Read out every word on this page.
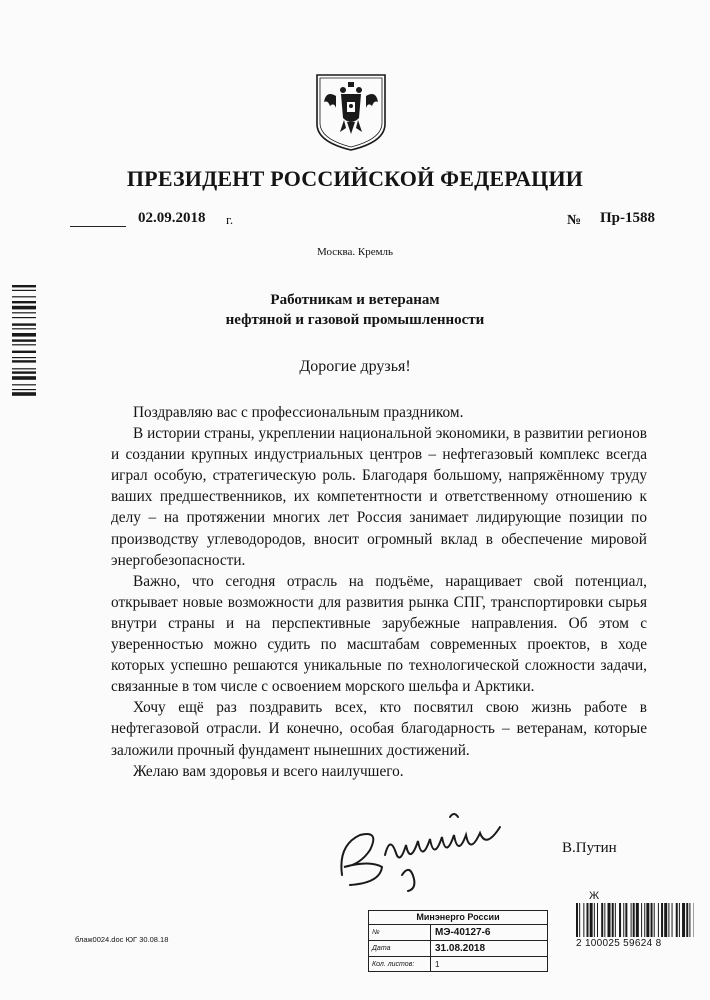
ПРЕЗИДЕНТ РОССИЙСКОЙ ФЕДЕРАЦИИ
02.09.2018 г.	№ Пр-1588
Москва. Кремль
Работникам и ветеранам
нефтяной и газовой промышленности
Дорогие друзья!

Поздравляю вас с профессиональным праздником.

В истории страны, укреплении национальной экономики, в развитии регионов и создании крупных индустриальных центров – нефтегазовый комплекс всегда играл особую, стратегическую роль. Благодаря большому, напряжённому труду ваших предшественников, их компетентности и ответственному отношению к делу – на протяжении многих лет Россия занимает лидирующие позиции по производству углеводородов, вносит огромный вклад в обеспечение мировой энергобезопасности.

Важно, что сегодня отрасль на подъёме, наращивает свой потенциал, открывает новые возможности для развития рынка СПГ, транспортировки сырья внутри страны и на перспективные зарубежные направления. Об этом с уверенностью можно судить по масштабам современных проектов, в ходе которых успешно решаются уникальные по технологической сложности задачи, связанные в том числе с освоением морского шельфа и Арктики.

Хочу ещё раз поздравить всех, кто посвятил свою жизнь работе в нефтегазовой отрасли. И конечно, особая благодарность – ветеранам, которые заложили прочный фундамент нынешних достижений.

Желаю вам здоровья и всего наилучшего.

В.Путин
блаж0024.doc ЮГ 30.08.18
Минэнерго России
№	МЭ-40127-6
Дата	31.08.2018
Кол. листов:	1
Ж
2 100025 59624 8
